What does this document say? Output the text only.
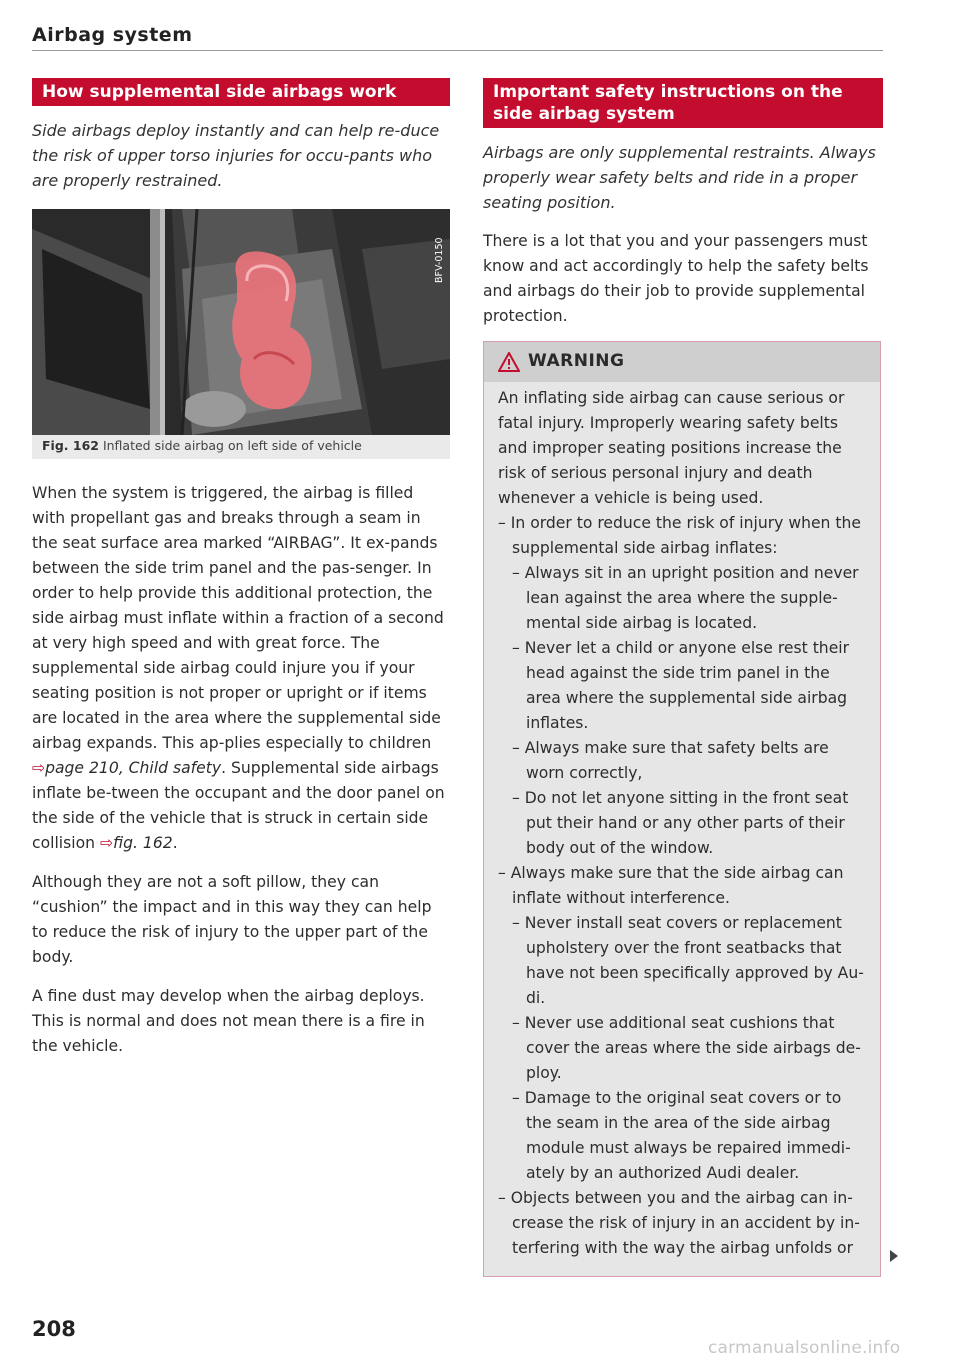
Airbag system
How supplemental side airbags work

Side airbags deploy instantly and can help re-duce the risk of upper torso injuries for occu-pants who are properly restrained.

BFV-0150
Fig. 162 Inflated side airbag on left side of vehicle

When the system is triggered, the airbag is filled with propellant gas and breaks through a seam in the seat surface area marked “AIRBAG”. It ex-pands between the side trim panel and the pas-senger. In order to help provide this additional protection, the side airbag must inflate within a fraction of a second at very high speed and with great force. The supplemental side airbag could injure you if your seating position is not proper or upright or if items are located in the area where the supplemental side airbag expands. This ap-plies especially to children ⇨page 210, Child safety. Supplemental side airbags inflate be-tween the occupant and the door panel on the side of the vehicle that is struck in certain side collision ⇨fig. 162.

Although they are not a soft pillow, they can “cushion” the impact and in this way they can help to reduce the risk of injury to the upper part of the body.

A fine dust may develop when the airbag deploys. This is normal and does not mean there is a fire in the vehicle.

Important safety instructions on the side airbag system

Airbags are only supplemental restraints. Always properly wear safety belts and ride in a proper seating position.

There is a lot that you and your passengers must know and act accordingly to help the safety belts and airbags do their job to provide supplemental protection.

WARNING

An inflating side airbag can cause serious or fatal injury. Improperly wearing safety belts and improper seating positions increase the risk of serious personal injury and death whenever a vehicle is being used.

– In order to reduce the risk of injury when the supplemental side airbag inflates:

– Always sit in an upright position and never lean against the area where the supple-mental side airbag is located.

– Never let a child or anyone else rest their head against the side trim panel in the area where the supplemental side airbag inflates.

– Always make sure that safety belts are worn correctly,

– Do not let anyone sitting in the front seat put their hand or any other parts of their body out of the window.

– Always make sure that the side airbag can inflate without interference.

– Never install seat covers or replacement upholstery over the front seatbacks that have not been specifically approved by Au-di.

– Never use additional seat cushions that cover the areas where the side airbags de-ploy.

– Damage to the original seat covers or to the seam in the area of the side airbag module must always be repaired immedi-ately by an authorized Audi dealer.

– Objects between you and the airbag can in-crease the risk of injury in an accident by in-terfering with the way the airbag unfolds or

208
carmanualsonline.info
